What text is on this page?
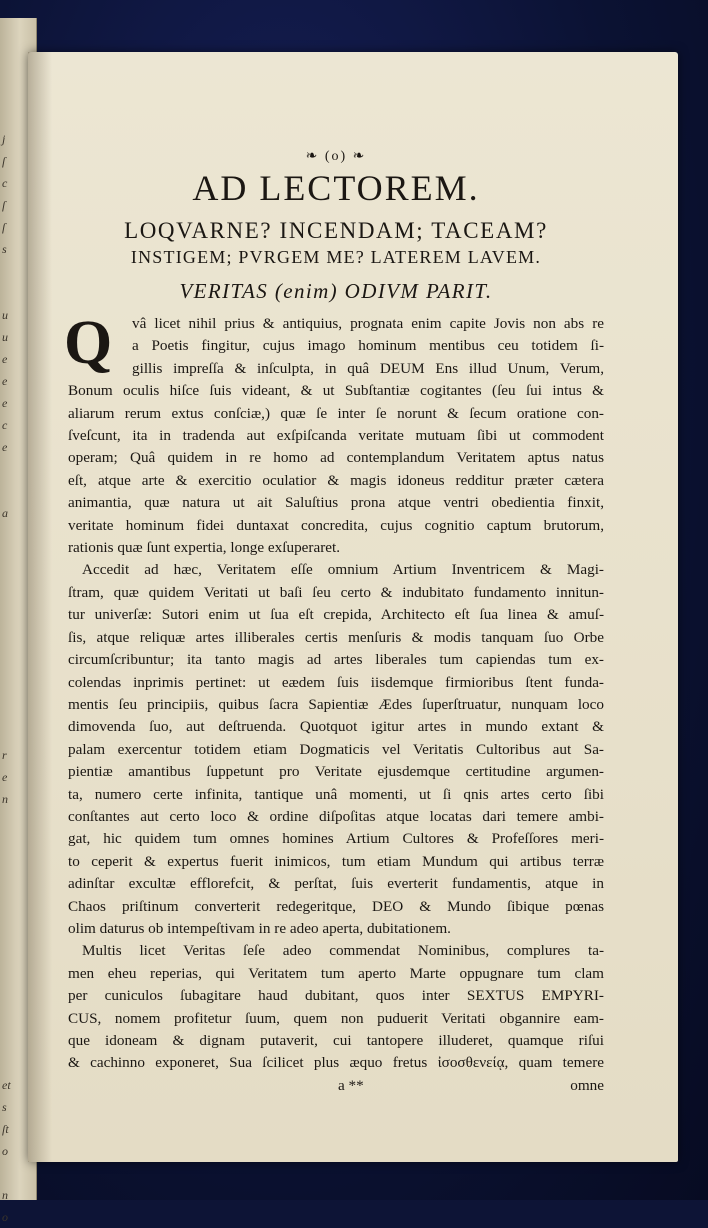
j
ſ
c
ſ
ſ
s
u
u
e
e
e
c
e
a
r
e
n
et
s
ſt
o
n
o
❧ (o) ❧
AD LECTOREM.
LOQVARNE? INCENDAM; TACEAM?
INSTIGEM; PVRGEM ME? LATEREM LAVEM.
VERITAS (enim) ODIVM PARIT.
Q	vâ licet nihil prius & antiquius, prognata enim capite Jovis non abs re
a Poetis fingitur, cujus imago hominum mentibus ceu totidem ſi-
gillis impreſſa & inſculpta, in quâ DEUM Ens illud Unum, Verum,
Bonum oculis hiſce ſuis videant, & ut Subſtantiæ cogitantes (ſeu ſui intus &
aliarum rerum extus conſciæ,) quæ ſe inter ſe norunt & ſecum oratione con-
ſveſcunt, ita in tradenda aut exſpiſcanda veritate mutuam ſibi ut commodent
operam; Quâ quidem in re homo ad contemplandum Veritatem aptus natus
eſt, atque arte & exercitio oculatior & magis idoneus redditur præter cætera
animantia, quæ natura ut ait Saluſtius prona atque ventri obedientia finxit,
veritate hominum fidei duntaxat concredita, cujus cognitio captum brutorum,
rationis quæ ſunt expertia, longe exſuperaret.
Accedit ad hæc, Veritatem eſſe omnium Artium Inventricem & Magi-
ſtram, quæ quidem Veritati ut baſi ſeu certo & indubitato fundamento innitun-
tur univerſæ: Sutori enim ut ſua eſt crepida, Architecto eſt ſua linea & amuſ-
ſis, atque reliquæ artes illiberales certis menſuris & modis tanquam ſuo Orbe
circumſcribuntur; ita tanto magis ad artes liberales tum capiendas tum ex-
colendas inprimis pertinet: ut eædem ſuis iisdemque firmioribus ſtent funda-
mentis ſeu principiis, quibus ſacra Sapientiæ Ædes ſuperſtruatur, nunquam loco
dimovenda ſuo, aut deſtruenda. Quotquot igitur artes in mundo extant &
palam exercentur totidem etiam Dogmaticis vel Veritatis Cultoribus aut Sa-
pientiæ amantibus ſuppetunt pro Veritate ejusdemque certitudine argumen-
ta, numero certe infinita, tantique unâ momenti, ut ſi qnis artes certo ſibi
conſtantes aut certo loco & ordine diſpoſitas atque locatas dari temere ambi-
gat, hic quidem tum omnes homines Artium Cultores & Profeſſores meri-
to ceperit & expertus fuerit inimicos, tum etiam Mundum qui artibus terræ
adinſtar excultæ efflorefcit, & perſtat, ſuis everterit fundamentis, atque in
Chaos priſtinum converterit redegeritque, DEO & Mundo ſibique pœnas
olim daturus ob intempeſtivam in re adeo aperta, dubitationem.
Multis licet Veritas ſeſe adeo commendat Nominibus, complures ta-
men eheu reperias, qui Veritatem tum aperto Marte oppugnare tum clam
per cuniculos ſubagitare haud dubitant, quos inter SEXTUS EMPYRI-
CUS, nomem profitetur ſuum, quem non puduerit Veritati obgannire eam-
que idoneam & dignam putaverit, cui tantopere illuderet, quamque riſui
& cachinno exponeret, Sua ſcilicet plus æquo fretus ἰσοσθενείᾳ, quam temere
a **	omne
